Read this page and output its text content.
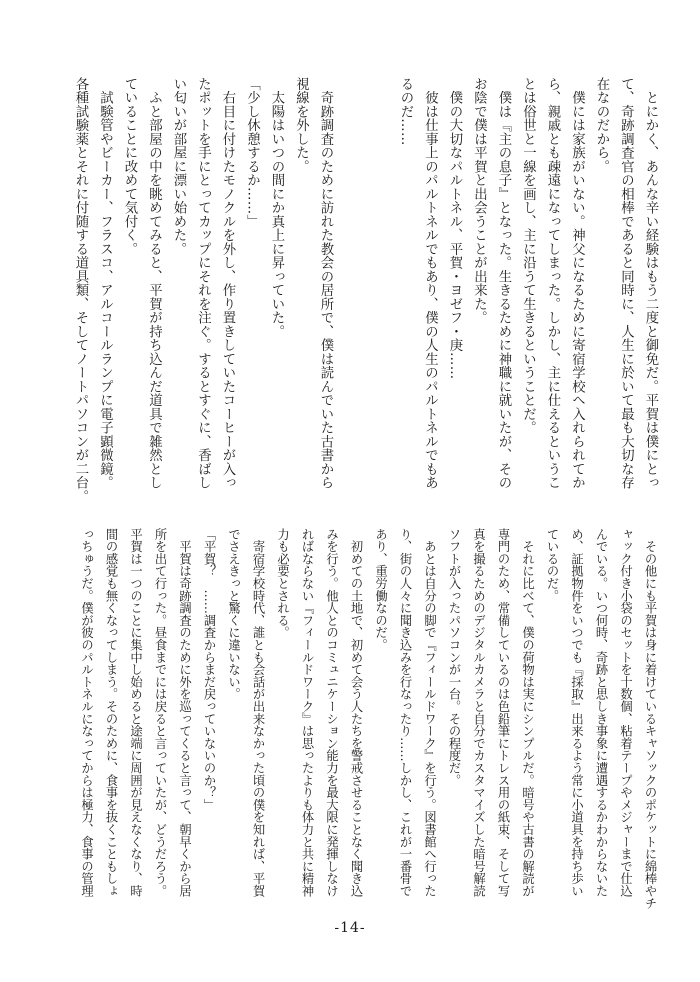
　とにかく、あんな辛い経験はもう二度と御免だ。平賀は僕にとっ
て、奇跡調査官の相棒であると同時に、人生に於いて最も大切な存
在なのだから。
　僕には家族がいない。神父になるために寄宿学校へ入れられてか
ら、親戚とも疎遠になってしまった。しかし、主に仕えるというこ
とは俗世と一線を画し、主に沿うて生きるということだ。
　僕は『主の息子』となった。生きるために神職に就いたが、その
お陰で僕は平賀と出会うことが出来た。
　僕の大切なパルトネル、平賀・ヨゼフ・庚……
　彼は仕事上のパルトネルでもあり、僕の人生のパルトネルでもあ
るのだ……
　奇跡調査のために訪れた教会の居所で、僕は読んでいた古書から
視線を外した。
　太陽はいつの間にか真上に昇っていた。
「少し休憩するか……」
　右目に付けたモノクルを外し、作り置きしていたコーヒーが入っ
たポットを手にとってカップにそれを注ぐ。するとすぐに、香ばし
い匂いが部屋に漂い始めた。
　ふと部屋の中を眺めてみると、平賀が持ち込んだ道具で雑然とし
ていることに改めて気付く。
　試験管やビーカー、フラスコ、アルコールランプに電子顕微鏡。
各種試験薬とそれに付随する道具類、そしてノートパソコンが二台。
　その他にも平賀は身に着けているキャソックのポケットに綿棒やチ
ャック付き小袋のセットを十数個、粘着テープやメジャーまで仕込
んでいる。いつ何時、奇跡と思しき事象に遭遇するかわからないた
め、証拠物件をいつでも『採取』出来るよう常に小道具を持ち歩い
ているのだ。
　それに比べて、僕の荷物は実にシンプルだ。暗号や古書の解読が
専門のため、常備しているのは色鉛筆にトレス用の紙束、そして写
真を撮るためのデジタルカメラと自分でカスタマイズした暗号解読
ソフトが入ったパソコンが一台。その程度だ。
　あとは自分の脚で『フィールドワーク』を行う。図書館へ行った
り、街の人々に聞き込みを行なったり……しかし、これが一番骨で
あり、重労働なのだ。
　初めての土地で、初めて会う人たちを警戒させることなく聞き込
みを行う。他人とのコミュニケーション能力を最大限に発揮しなけ
ればならない『フィールドワーク』は思ったよりも体力と共に精神
力も必要とされる。
　寄宿学校時代、誰とも会話が出来なかった頃の僕を知れば、平賀
でさえきっと驚くに違いない。
「平賀？　……調査からまだ戻っていないのか？」
　平賀は奇跡調査のために外を巡ってくると言って、朝早くから居
所を出て行った。昼食までには戻ると言っていたが、どうだろう。
平賀は一つのことに集中し始めると途端に周囲が見えなくなり、時
間の感覚も無くなってしまう。そのために、食事を抜くこともしょ
っちゅうだ。僕が彼のパルトネルになってからは極力、食事の管理
-14-
